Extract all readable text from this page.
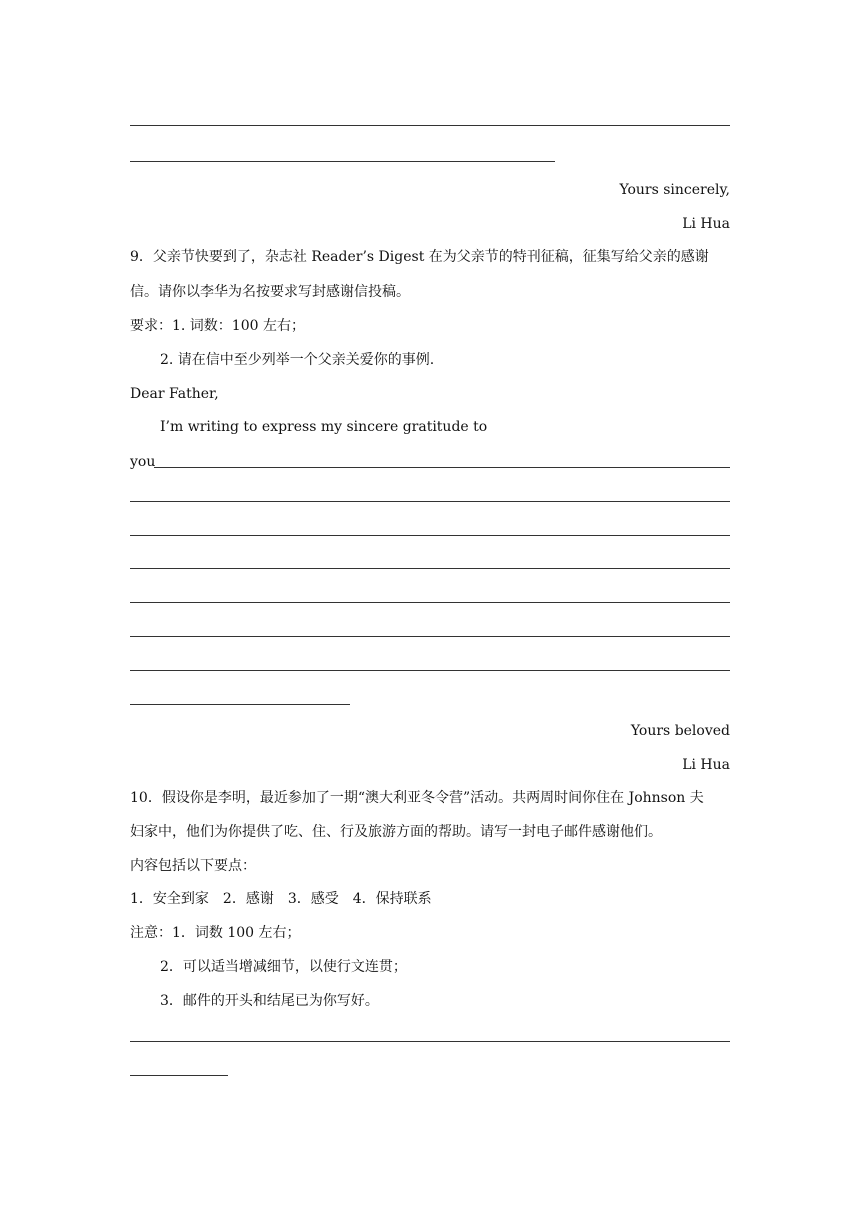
Yours sincerely,
Li Hua
9．父亲节快要到了，杂志社 Reader’s Digest 在为父亲节的特刊征稿，征集写给父亲的感谢
信。请你以李华为名按要求写封感谢信投稿。
要求：1. 词数：100 左右；
2. 请在信中至少列举一个父亲关爱你的事例.
Dear Father,
I’m writing to express my sincere gratitude to
you
Yours beloved
Li Hua
10．假设你是李明，最近参加了一期“澳大利亚冬令营”活动。共两周时间你住在 Johnson 夫
妇家中，他们为你提供了吃、住、行及旅游方面的帮助。请写一封电子邮件感谢他们。
内容包括以下要点：
1．安全到家　2．感谢　3．感受　4．保持联系
注意：1．词数 100 左右；
2．可以适当增减细节，以使行文连贯；
3．邮件的开头和结尾已为你写好。
